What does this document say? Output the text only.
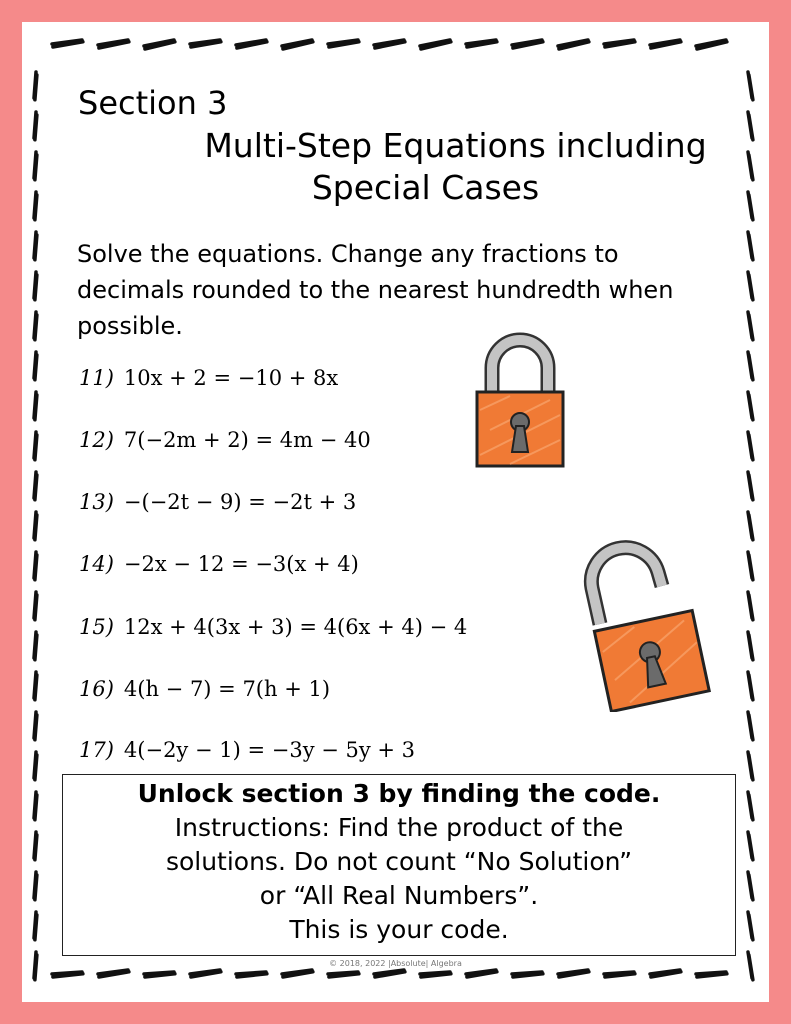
Section 3
Multi-Step Equations including
Special Cases
Solve the equations. Change any fractions to decimals rounded to the nearest hundredth when possible.
11) 10x + 2 = −10 + 8x
12) 7(−2m + 2) = 4m − 40
13) −(−2t − 9) = −2t + 3
14) −2x − 12 = −3(x + 4)
15) 12x + 4(3x + 3) = 4(6x + 4) − 4
16) 4(h − 7) = 7(h + 1)
17) 4(−2y − 1) = −3y − 5y + 3
Unlock section 3 by finding the code.
Instructions: Find the product of the
solutions. Do not count “No Solution”
or “All Real Numbers”.
This is your code.
© 2018, 2022 |Absolute| Algebra
